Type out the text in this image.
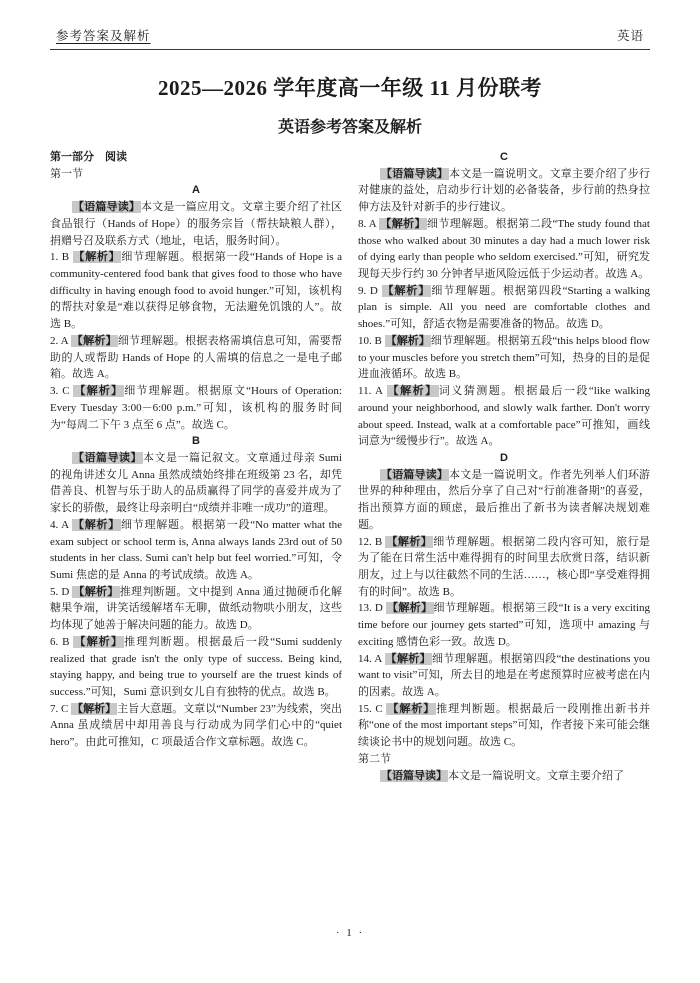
参考答案及解析	英语
2025—2026 学年度高一年级 11 月份联考
英语参考答案及解析

第一部分　阅读

第一节

A

【语篇导读】本文是一篇应用文。文章主要介绍了社区食品银行（Hands of Hope）的服务宗旨（帮扶缺粮人群），捐赠号召及联系方式（地址，电话，服务时间）。

1. B 【解析】细节理解题。根据第一段“Hands of Hope is a community-centered food bank that gives food to those who have difficulty in having enough food to avoid hunger.”可知，该机构的帮扶对象是“难以获得足够食物，无法避免饥饿的人”。故选 B。

2. A 【解析】细节理解题。根据表格需填信息可知，需要帮助的人或帮助 Hands of Hope 的人需填的信息之一是电子邮箱。故选 A。

3. C 【解析】细节理解题。根据原文“Hours of Operation: Every Tuesday 3:00－6:00 p.m.”可知，该机构的服务时间为“每周二下午 3 点至 6 点”。故选 C。

B

【语篇导读】本文是一篇记叙文。文章通过母亲 Sumi 的视角讲述女儿 Anna 虽然成绩始终排在班级第 23 名，却凭借善良、机智与乐于助人的品质赢得了同学的喜爱并成为了家长的骄傲，最终让母亲明白“成绩并非唯一成功”的道理。

4. A 【解析】细节理解题。根据第一段“No matter what the exam subject or school term is, Anna always lands 23rd out of 50 students in her class. Sumi can't help but feel worried.”可知，令 Sumi 焦虑的是 Anna 的考试成绩。故选 A。

5. D 【解析】推理判断题。文中提到 Anna 通过抛硬币化解糖果争端，讲笑话缓解堵车无聊，做纸动物哄小朋友，这些均体现了她善于解决问题的能力。故选 D。

6. B 【解析】推理判断题。根据最后一段“Sumi suddenly realized that grade isn't the only type of success. Being kind, staying happy, and being true to yourself are the truest kinds of success.”可知，Sumi 意识到女儿自有独特的优点。故选 B。

7. C 【解析】主旨大意题。文章以“Number 23”为线索，突出 Anna 虽成绩居中却用善良与行动成为同学们心中的“quiet hero”。由此可推知，C 项最适合作文章标题。故选 C。

C

【语篇导读】本文是一篇说明文。文章主要介绍了步行对健康的益处，启动步行计划的必备装备，步行前的热身拉伸方法及针对新手的步行建议。

8. A 【解析】细节理解题。根据第二段“The study found that those who walked about 30 minutes a day had a much lower risk of dying early than people who seldom exercised.”可知，研究发现每天步行约 30 分钟者早逝风险远低于少运动者。故选 A。

9. D 【解析】细节理解题。根据第四段“Starting a walking plan is simple. All you need are comfortable clothes and shoes.”可知，舒适衣物是需要准备的物品。故选 D。

10. B 【解析】细节理解题。根据第五段“this helps blood flow to your muscles before you stretch them”可知，热身的目的是促进血液循环。故选 B。

11. A 【解析】词义猜测题。根据最后一段“like walking around your neighborhood, and slowly walk farther. Don't worry about speed. Instead, walk at a comfortable pace”可推知，画线词意为“缓慢步行”。故选 A。

D

【语篇导读】本文是一篇说明文。作者先列举人们环游世界的种种理由，然后分享了自己对“行前准备期”的喜爱，指出预算方面的顾虑，最后推出了新书为读者解决规划难题。

12. B 【解析】细节理解题。根据第二段内容可知，旅行是为了能在日常生活中难得拥有的时间里去欣赏日落，结识新朋友，过上与以往截然不同的生活……，核心即“享受难得拥有的时间”。故选 B。

13. D 【解析】细节理解题。根据第三段“It is a very exciting time before our journey gets started”可知，选项中 amazing 与 exciting 感情色彩一致。故选 D。

14. A 【解析】细节理解题。根据第四段“the destinations you want to visit”可知，所去目的地是在考虑预算时应被考虑在内的因素。故选 A。

15. C 【解析】推理判断题。根据最后一段刚推出新书并称“one of the most important steps”可知，作者接下来可能会继续谈论书中的规划问题。故选 C。

第二节

【语篇导读】本文是一篇说明文。文章主要介绍了

· 1 ·
